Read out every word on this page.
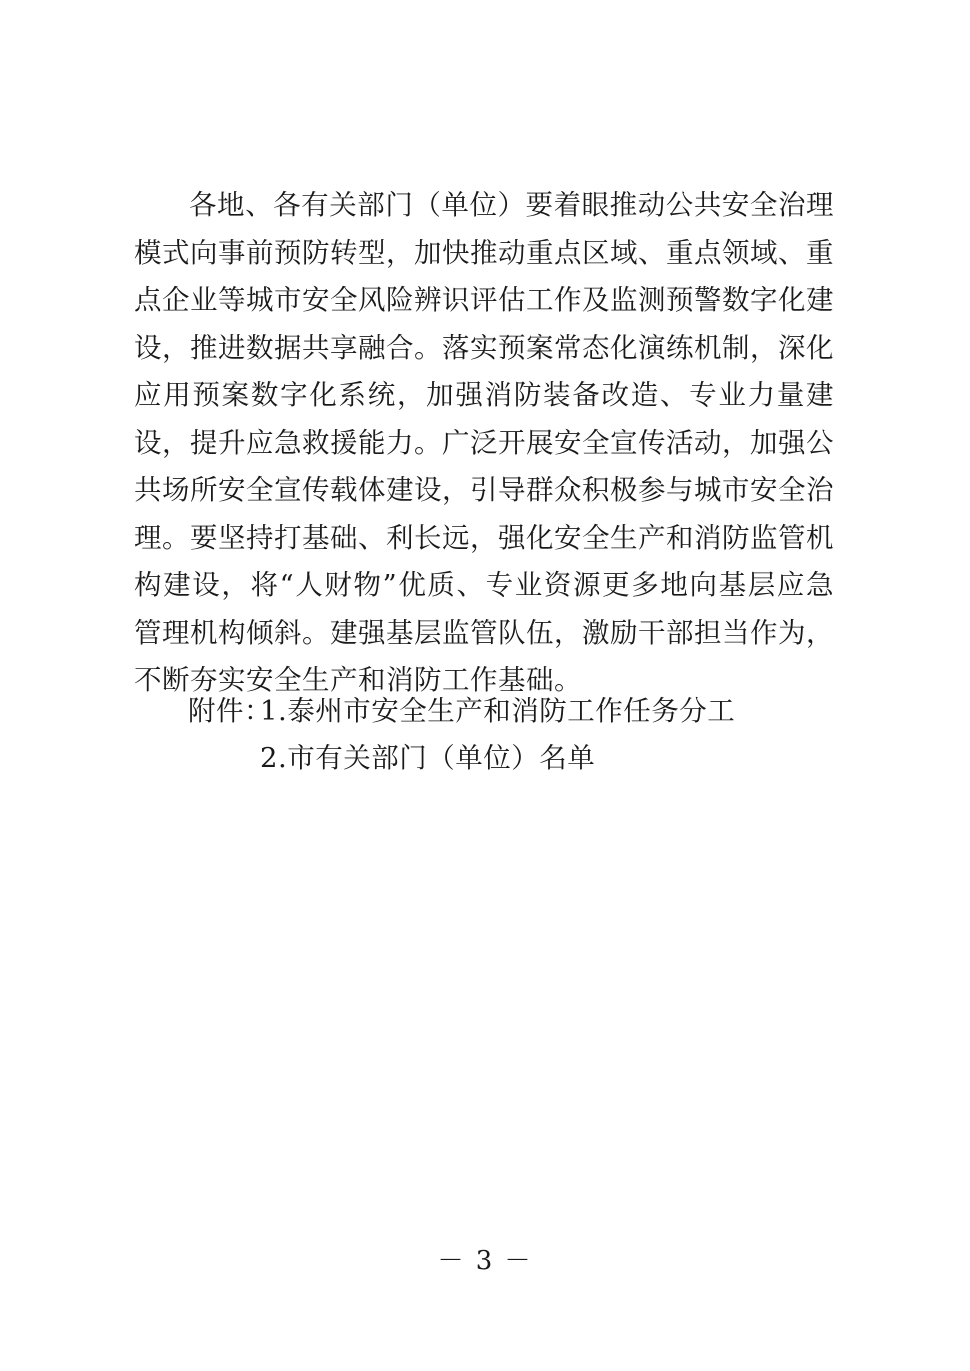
各地、各有关部门（单位）要着眼推动公共安全治理模式向事前预防转型，加快推动重点区域、重点领域、重点企业等城市安全风险辨识评估工作及监测预警数字化建设，推进数据共享融合。落实预案常态化演练机制，深化应用预案数字化系统，加强消防装备改造、专业力量建设，提升应急救援能力。广泛开展安全宣传活动，加强公共场所安全宣传载体建设，引导群众积极参与城市安全治理。要坚持打基础、利长远，强化安全生产和消防监管机构建设，将“人财物”优质、专业资源更多地向基层应急管理机构倾斜。建强基层监管队伍，激励干部担当作为，不断夯实安全生产和消防工作基础。

附件：
1.泰州市安全生产和消防工作任务分工
2.市有关部门（单位）名单
－ 3 －
